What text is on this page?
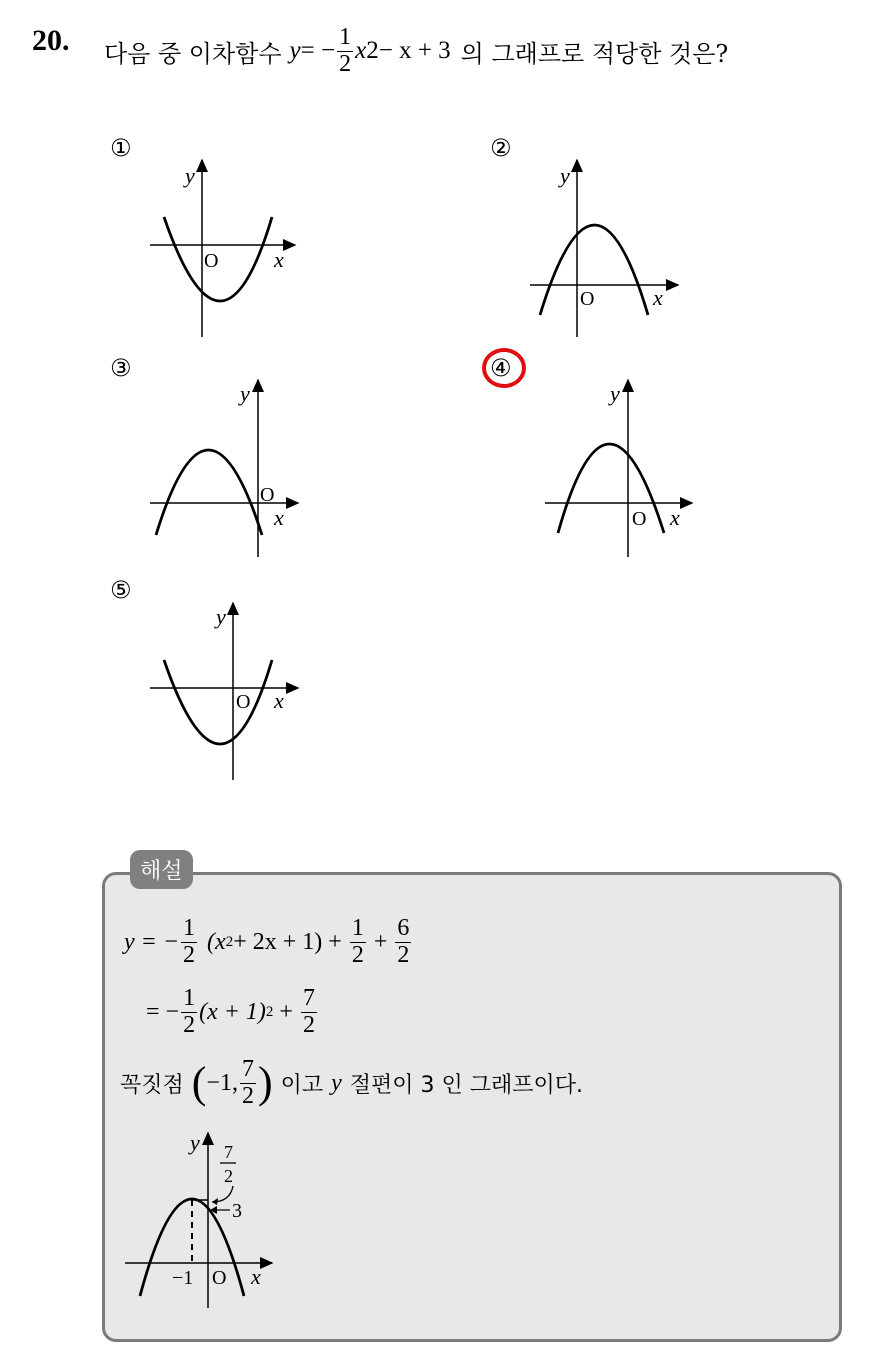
20. 다음 중 이차함수 y = − $\frac{1}{2}$ x 2 − x + 3 의 그래프로 적당한 것은?
①	②
③	④
⑤
y
O	x
y
O	x
y
O
x
y
O x
y
O x
해설
y = − $\frac{1}{2} (x$ $2 + 2x + 1) + \frac{1}{2} + \frac{6}{2}$
= − $\frac{1}{2} (x + 1) 2 + \frac{7}{2}$
꼭짓점 ( −1, $\frac{7}{2}$ ) 이고 y 절편이 3 인 그래프이다.
y 7
2
3
−1 O x
